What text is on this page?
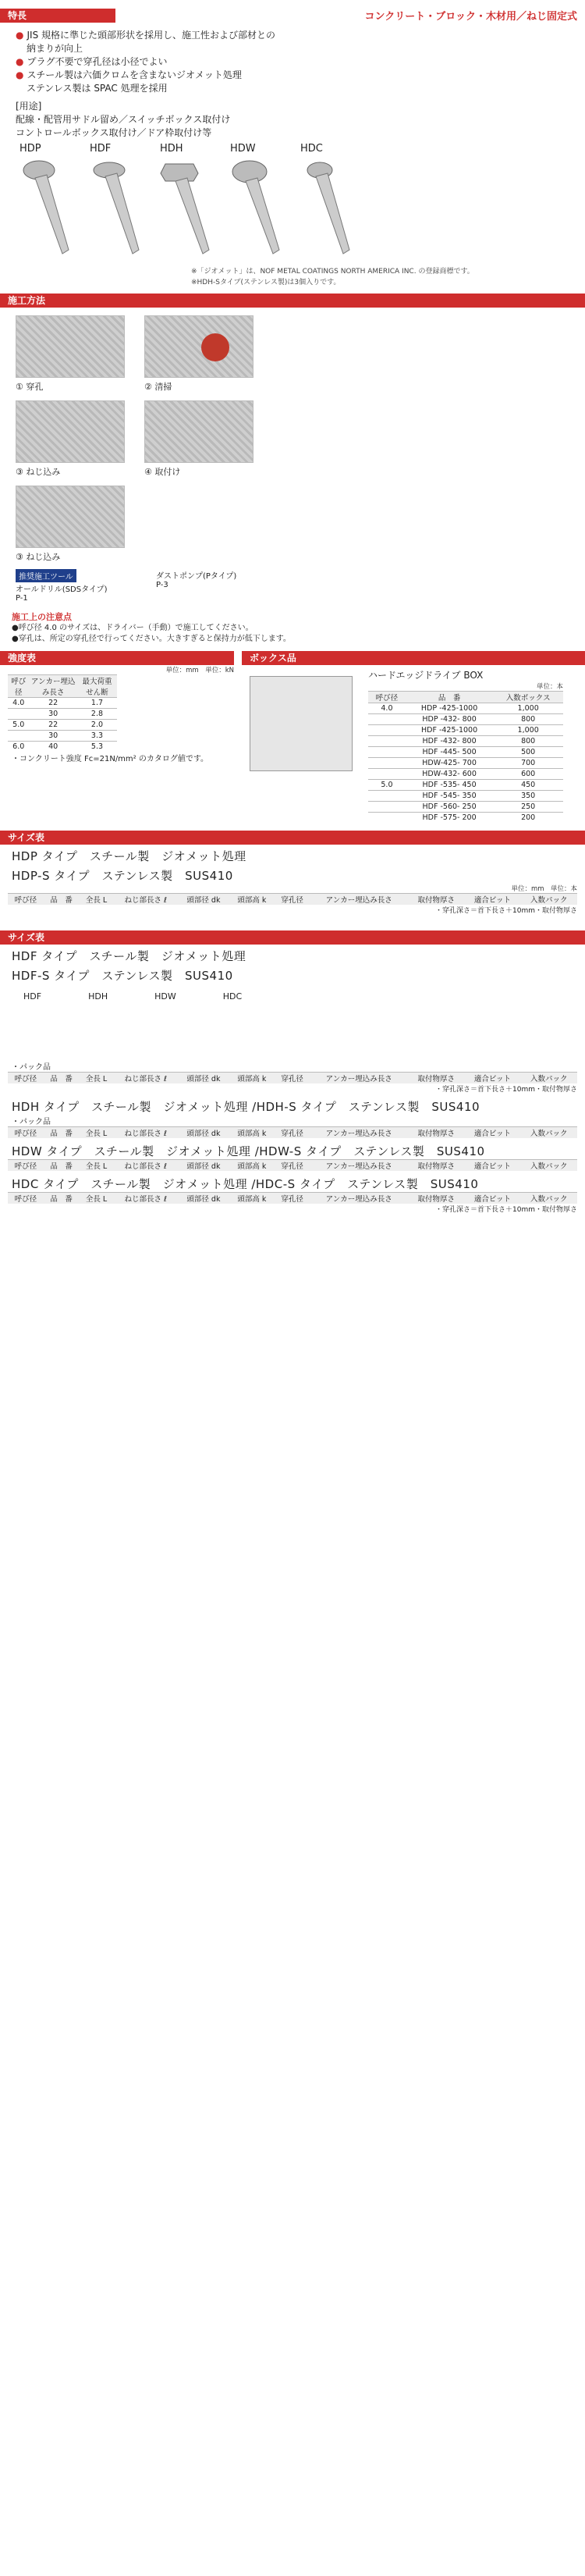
特長	コンクリート・ブロック・木材用／ねじ固定式
● JIS 規格に準じた頭部形状を採用し、施工性および部材との
納まりが向上
● プラグ不要で穿孔径は小径でよい
● スチール製は六価クロムを含まないジオメット処理
ステンレス製は SPAC 処理を採用
[用途]
配線・配管用サドル留め／スイッチボックス取付け
コントロールボックス取付け／ドア枠取付け等
HDP	HDF	HDH	HDW	HDC
※「ジオメット」は、NOF METAL COATINGS NORTH AMERICA INC. の登録商標です。
※HDH-Sタイプ(ステンレス製)は3個入りです。
施工方法
① 穿孔	② 清掃
③ ねじ込み	④ 取付け
③ ねじ込み
推奨施工ツール
オールドリル(SDSタイプ)
P-1
ダストポンプ(Pタイプ)
P-3
施工上の注意点
●呼び径 4.0 のサイズは、ドライバー（手動）で施工してください。
●穿孔は、所定の穿孔径で行ってください。大きすぎると保持力が低下します。
強度表
単位：mm　単位：kN
呼び径	アンカー埋込み長さ	最大荷重せん断
4.0	22	1.7
	30	2.8
5.0	22	2.0
	30	3.3
6.0	40	5.3
・コンクリート強度 Fc=21N/mm² のカタログ値です。
ボックス品
ハードエッジドライブ BOX
単位：本
呼び径	品　番	入数ボックス
4.0	HDP -425-1000	1,000
	HDP -432- 800	800
	HDF -425-1000	1,000
	HDF -432- 800	800
	HDF -445- 500	500
	HDW-425- 700	700
	HDW-432- 600	600
5.0	HDF -535- 450	450
	HDF -545- 350	350
	HDF -560- 250	250
	HDF -575- 200	200
サイズ表
HDP タイプ　スチール製　ジオメット処理
HDP-S タイプ　ステンレス製　SUS410
単位：mm　単位：本
呼び径	品　番	全長 L	ねじ部長さ ℓ	頭部径 dk	頭部高 k	穿孔径	アンカー埋込み長さ	取付物厚さ	適合ビット	入数パック
・穿孔深さ＝首下長さ＋10mm・取付物厚さ
サイズ表
HDF タイプ　スチール製　ジオメット処理
HDF-S タイプ　ステンレス製　SUS410
HDF	HDH	HDW	HDC
・パック品
呼び径	品　番	全長 L	ねじ部長さ ℓ	頭部径 dk	頭部高 k	穿孔径	アンカー埋込み長さ	取付物厚さ	適合ビット	入数パック
・穿孔深さ＝首下長さ＋10mm・取付物厚さ
HDH タイプ　スチール製　ジオメット処理 /HDH-S タイプ　ステンレス製　SUS410
・パック品
呼び径	品　番	全長 L	ねじ部長さ ℓ	頭部径 dk	頭部高 k	穿孔径	アンカー埋込み長さ	取付物厚さ	適合ビット	入数パック
HDW タイプ　スチール製　ジオメット処理 /HDW-S タイプ　ステンレス製　SUS410
呼び径	品　番	全長 L	ねじ部長さ ℓ	頭部径 dk	頭部高 k	穿孔径	アンカー埋込み長さ	取付物厚さ	適合ビット	入数パック
HDC タイプ　スチール製　ジオメット処理 /HDC-S タイプ　ステンレス製　SUS410
呼び径	品　番	全長 L	ねじ部長さ ℓ	頭部径 dk	頭部高 k	穿孔径	アンカー埋込み長さ	取付物厚さ	適合ビット	入数パック
・穿孔深さ＝首下長さ＋10mm・取付物厚さ
